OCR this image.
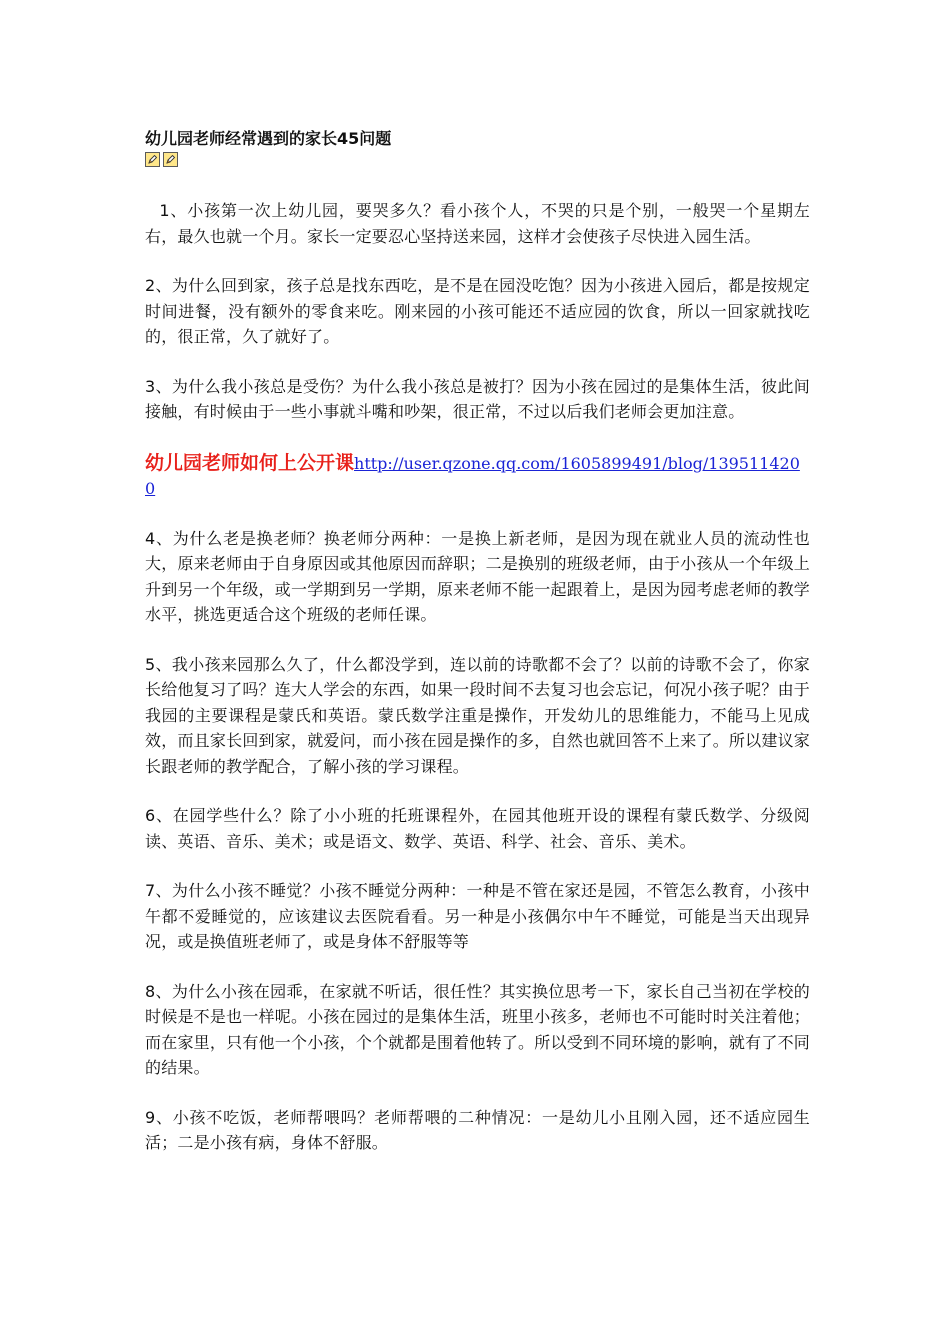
幼儿园老师经常遇到的家长45问题

1、小孩第一次上幼儿园，要哭多久？看小孩个人，不哭的只是个别，一般哭一个星期左右，最久也就一个月。家长一定要忍心坚持送来园，这样才会使孩子尽快进入园生活。

2、为什么回到家，孩子总是找东西吃，是不是在园没吃饱？因为小孩进入园后，都是按规定时间进餐，没有额外的零食来吃。刚来园的小孩可能还不适应园的饮食，所以一回家就找吃的，很正常，久了就好了。

3、为什么我小孩总是受伤？为什么我小孩总是被打？因为小孩在园过的是集体生活，彼此间接触，有时候由于一些小事就斗嘴和吵架，很正常，不过以后我们老师会更加注意。

幼儿园老师如何上公开课http://user.qzone.qq.com/1605899491/blog/1395114200

4、为什么老是换老师？换老师分两种：一是换上新老师，是因为现在就业人员的流动性也大，原来老师由于自身原因或其他原因而辞职；二是换别的班级老师，由于小孩从一个年级上升到另一个年级，或一学期到另一学期，原来老师不能一起跟着上，是因为园考虑老师的教学水平，挑选更适合这个班级的老师任课。

5、我小孩来园那么久了，什么都没学到，连以前的诗歌都不会了？以前的诗歌不会了，你家长给他复习了吗？连大人学会的东西，如果一段时间不去复习也会忘记，何况小孩子呢？由于我园的主要课程是蒙氏和英语。蒙氏数学注重是操作，开发幼儿的思维能力，不能马上见成效，而且家长回到家，就爱问，而小孩在园是操作的多，自然也就回答不上来了。所以建议家长跟老师的教学配合，了解小孩的学习课程。

6、在园学些什么？除了小小班的托班课程外，在园其他班开设的课程有蒙氏数学、分级阅读、英语、音乐、美术；或是语文、数学、英语、科学、社会、音乐、美术。

7、为什么小孩不睡觉？小孩不睡觉分两种：一种是不管在家还是园，不管怎么教育，小孩中午都不爱睡觉的，应该建议去医院看看。另一种是小孩偶尔中午不睡觉，可能是当天出现异况，或是换值班老师了，或是身体不舒服等等

8、为什么小孩在园乖，在家就不听话，很任性？其实换位思考一下，家长自己当初在学校的时候是不是也一样呢。小孩在园过的是集体生活，班里小孩多，老师也不可能时时关注着他；而在家里，只有他一个小孩，个个就都是围着他转了。所以受到不同环境的影响，就有了不同的结果。

9、小孩不吃饭，老师帮喂吗？老师帮喂的二种情况：一是幼儿小且刚入园，还不适应园生活；二是小孩有病，身体不舒服。
